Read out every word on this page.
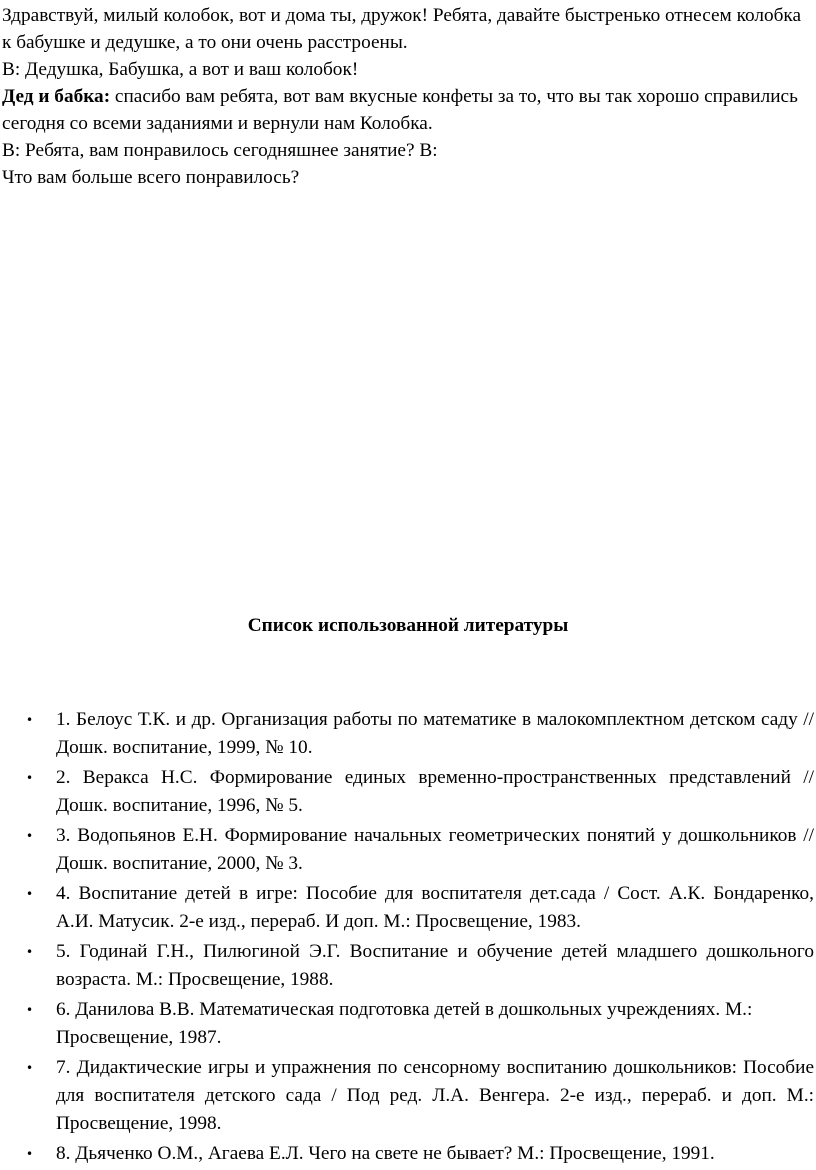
Здравствуй, милый колобок, вот и дома ты, дружок! Ребята, давайте быстренько отнесем колобка к бабушке и дедушке, а то они очень расстроены.

В: Дедушка, Бабушка, а вот и ваш колобок!

Дед и бабка: спасибо вам ребята, вот вам вкусные конфеты за то, что вы так хорошо справились сегодня со всеми заданиями и вернули нам Колобка.

В: Ребята, вам понравилось сегодняшнее занятие? В:

Что вам больше всего понравилось?

Список использованной литературы
• 1. Белоус Т.К. и др. Организация работы по математике в малокомплектном детском саду // Дошк. воспитание, 1999, № 10.
• 2. Веракса Н.С. Формирование единых временно-пространственных представлений // Дошк. воспитание, 1996, № 5.
• 3. Водопьянов Е.Н. Формирование начальных геометрических понятий у дошкольников // Дошк. воспитание, 2000, № 3.
• 4. Воспитание детей в игре: Пособие для воспитателя дет.сада / Сост. А.К. Бондаренко, А.И. Матусик. 2-е изд., перераб. И доп. М.: Просвещение, 1983.
• 5. Годинай Г.Н., Пилюгиной Э.Г. Воспитание и обучение детей младшего дошкольного возраста. М.: Просвещение, 1988.
• 6. Данилова В.В. Математическая подготовка детей в дошкольных учреждениях. М.: Просвещение, 1987.
• 7. Дидактические игры и упражнения по сенсорному воспитанию дошкольников: Пособие для воспитателя детского сада / Под ред. Л.А. Венгера. 2-е изд., перераб. и доп. М.: Просвещение, 1998.
• 8. Дьяченко О.М., Агаева Е.Л. Чего на свете не бывает? М.: Просвещение, 1991.
